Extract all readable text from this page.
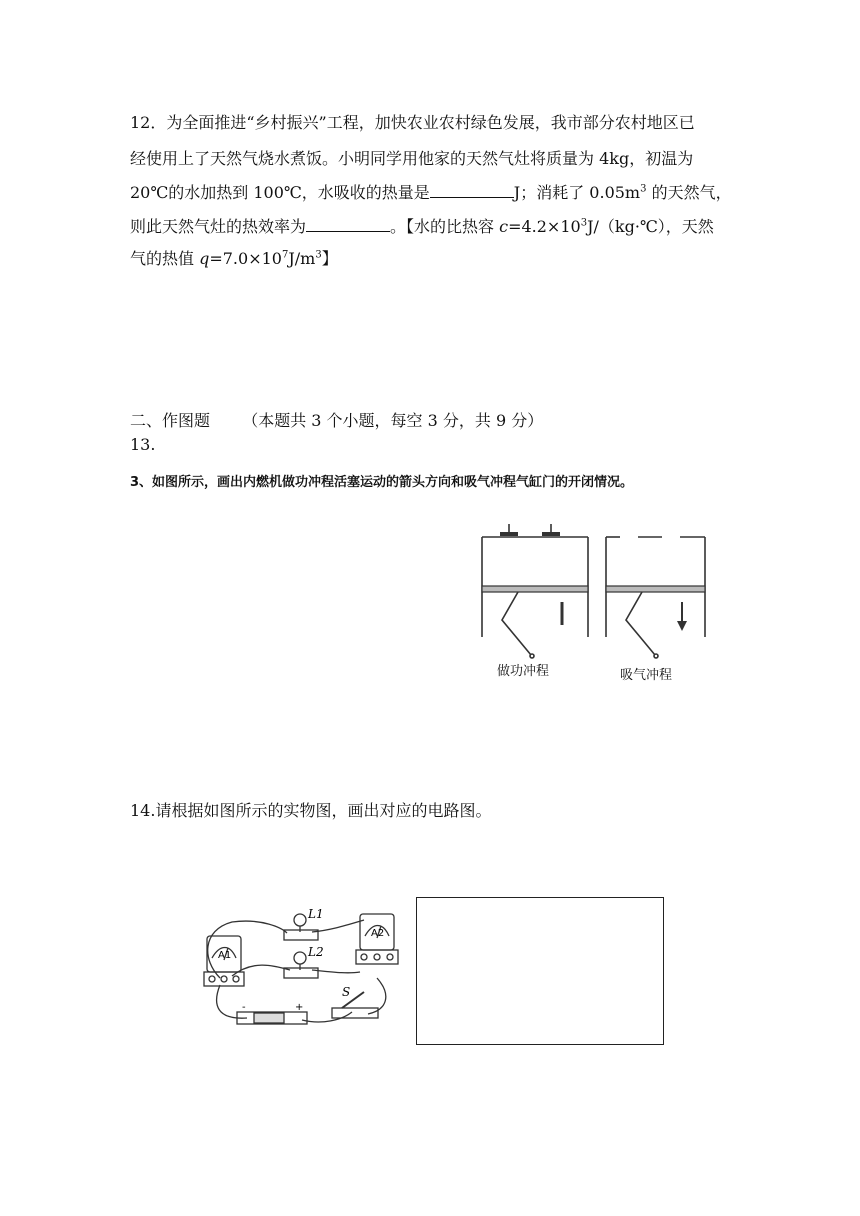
12．为全面推进“乡村振兴”工程，加快农业农村绿色发展，我市部分农村地区已
经使用上了天然气烧水煮饭。小明同学用他家的天然气灶将质量为 4kg，初温为
20℃的水加热到 100℃，水吸收的热量是	J；消耗了 $0.05m^3$ 的天然气，
则此天然气灶的热效率为	。【水的比热容 $c=4.2\times 10^3J/(kg\cdot℃)$，天然
气的热值 $q=7.0\times 10^7J/m^3$】
二、作图题 （本题共 3 个小题，每空 3 分，共 9 分）
13.
3、如图所示，画出内燃机做功冲程活塞运动的箭头方向和吸气冲程气缸门的开闭情况。
做功冲程	吸气冲程
14.请根据如图所示的实物图，画出对应的电路图。
L1
L2
A1
A2
S
-	+
